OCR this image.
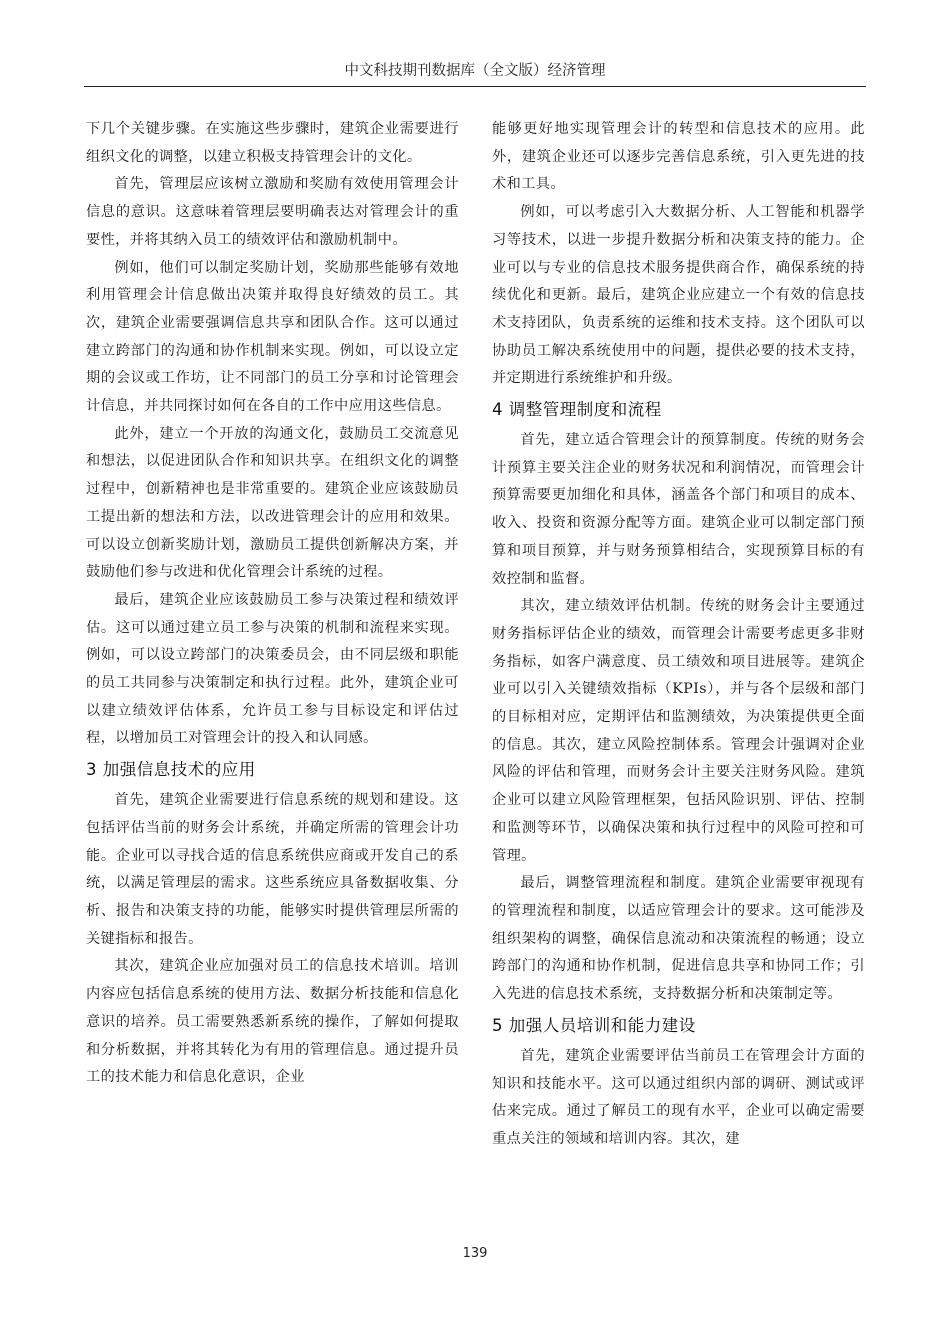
中文科技期刊数据库（全文版）经济管理

下几个关键步骤。在实施这些步骤时，建筑企业需要进行组织文化的调整，以建立积极支持管理会计的文化。

首先，管理层应该树立激励和奖励有效使用管理会计信息的意识。这意味着管理层要明确表达对管理会计的重要性，并将其纳入员工的绩效评估和激励机制中。

例如，他们可以制定奖励计划，奖励那些能够有效地利用管理会计信息做出决策并取得良好绩效的员工。其次，建筑企业需要强调信息共享和团队合作。这可以通过建立跨部门的沟通和协作机制来实现。例如，可以设立定期的会议或工作坊，让不同部门的员工分享和讨论管理会计信息，并共同探讨如何在各自的工作中应用这些信息。

此外，建立一个开放的沟通文化，鼓励员工交流意见和想法，以促进团队合作和知识共享。在组织文化的调整过程中，创新精神也是非常重要的。建筑企业应该鼓励员工提出新的想法和方法，以改进管理会计的应用和效果。可以设立创新奖励计划，激励员工提供创新解决方案，并鼓励他们参与改进和优化管理会计系统的过程。

最后，建筑企业应该鼓励员工参与决策过程和绩效评估。这可以通过建立员工参与决策的机制和流程来实现。例如，可以设立跨部门的决策委员会，由不同层级和职能的员工共同参与决策制定和执行过程。此外，建筑企业可以建立绩效评估体系，允许员工参与目标设定和评估过程，以增加员工对管理会计的投入和认同感。

3 加强信息技术的应用

首先，建筑企业需要进行信息系统的规划和建设。这包括评估当前的财务会计系统，并确定所需的管理会计功能。企业可以寻找合适的信息系统供应商或开发自己的系统，以满足管理层的需求。这些系统应具备数据收集、分析、报告和决策支持的功能，能够实时提供管理层所需的关键指标和报告。

其次，建筑企业应加强对员工的信息技术培训。培训内容应包括信息系统的使用方法、数据分析技能和信息化意识的培养。员工需要熟悉新系统的操作，了解如何提取和分析数据，并将其转化为有用的管理信息。通过提升员工的技术能力和信息化意识，企业

能够更好地实现管理会计的转型和信息技术的应用。此外，建筑企业还可以逐步完善信息系统，引入更先进的技术和工具。

例如，可以考虑引入大数据分析、人工智能和机器学习等技术，以进一步提升数据分析和决策支持的能力。企业可以与专业的信息技术服务提供商合作，确保系统的持续优化和更新。最后，建筑企业应建立一个有效的信息技术支持团队，负责系统的运维和技术支持。这个团队可以协助员工解决系统使用中的问题，提供必要的技术支持，并定期进行系统维护和升级。

4 调整管理制度和流程

首先，建立适合管理会计的预算制度。传统的财务会计预算主要关注企业的财务状况和利润情况，而管理会计预算需要更加细化和具体，涵盖各个部门和项目的成本、收入、投资和资源分配等方面。建筑企业可以制定部门预算和项目预算，并与财务预算相结合，实现预算目标的有效控制和监督。

其次，建立绩效评估机制。传统的财务会计主要通过财务指标评估企业的绩效，而管理会计需要考虑更多非财务指标，如客户满意度、员工绩效和项目进展等。建筑企业可以引入关键绩效指标（KPIs），并与各个层级和部门的目标相对应，定期评估和监测绩效，为决策提供更全面的信息。其次，建立风险控制体系。管理会计强调对企业风险的评估和管理，而财务会计主要关注财务风险。建筑企业可以建立风险管理框架，包括风险识别、评估、控制和监测等环节，以确保决策和执行过程中的风险可控和可管理。

最后，调整管理流程和制度。建筑企业需要审视现有的管理流程和制度，以适应管理会计的要求。这可能涉及组织架构的调整，确保信息流动和决策流程的畅通；设立跨部门的沟通和协作机制，促进信息共享和协同工作；引入先进的信息技术系统，支持数据分析和决策制定等。

5 加强人员培训和能力建设

首先，建筑企业需要评估当前员工在管理会计方面的知识和技能水平。这可以通过组织内部的调研、测试或评估来完成。通过了解员工的现有水平，企业可以确定需要重点关注的领域和培训内容。其次，建

139
